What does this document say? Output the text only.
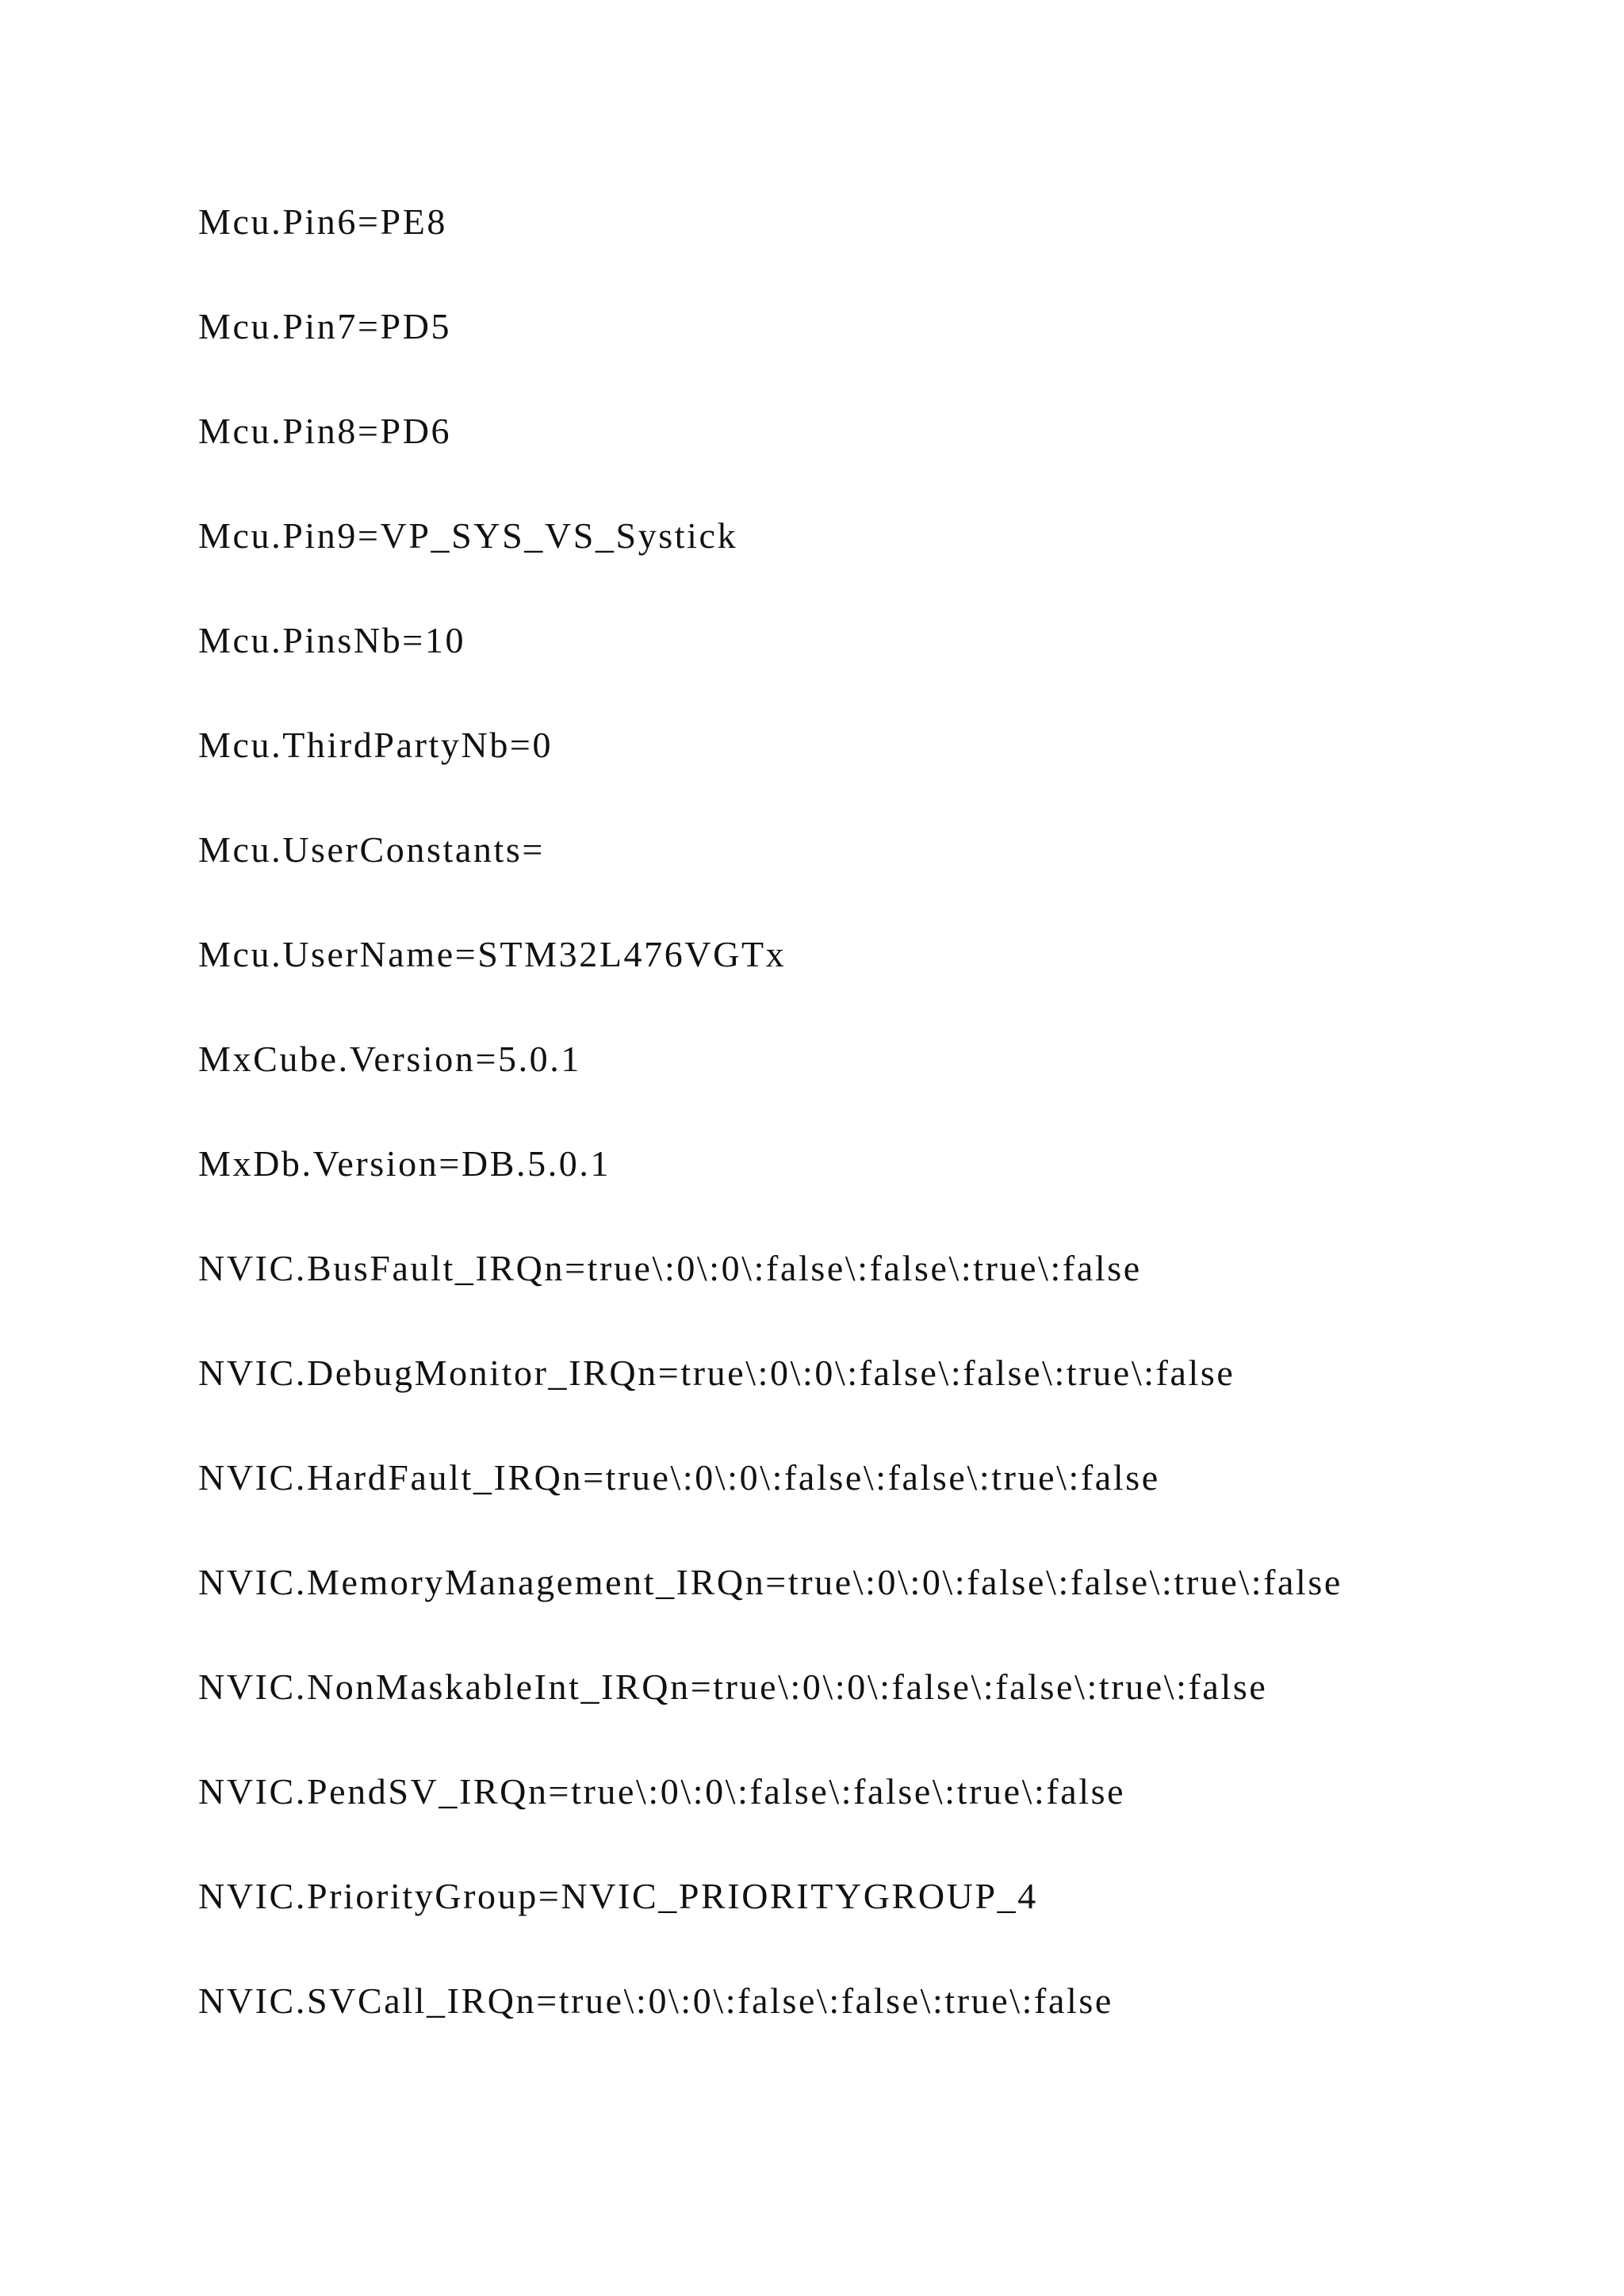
Mcu.Pin6=PE8

Mcu.Pin7=PD5

Mcu.Pin8=PD6

Mcu.Pin9=VP_SYS_VS_Systick

Mcu.PinsNb=10

Mcu.ThirdPartyNb=0

Mcu.UserConstants=

Mcu.UserName=STM32L476VGTx

MxCube.Version=5.0.1

MxDb.Version=DB.5.0.1

NVIC.BusFault_IRQn=true\:0\:0\:false\:false\:true\:false

NVIC.DebugMonitor_IRQn=true\:0\:0\:false\:false\:true\:false

NVIC.HardFault_IRQn=true\:0\:0\:false\:false\:true\:false

NVIC.MemoryManagement_IRQn=true\:0\:0\:false\:false\:true\:false

NVIC.NonMaskableInt_IRQn=true\:0\:0\:false\:false\:true\:false

NVIC.PendSV_IRQn=true\:0\:0\:false\:false\:true\:false

NVIC.PriorityGroup=NVIC_PRIORITYGROUP_4

NVIC.SVCall_IRQn=true\:0\:0\:false\:false\:true\:false
